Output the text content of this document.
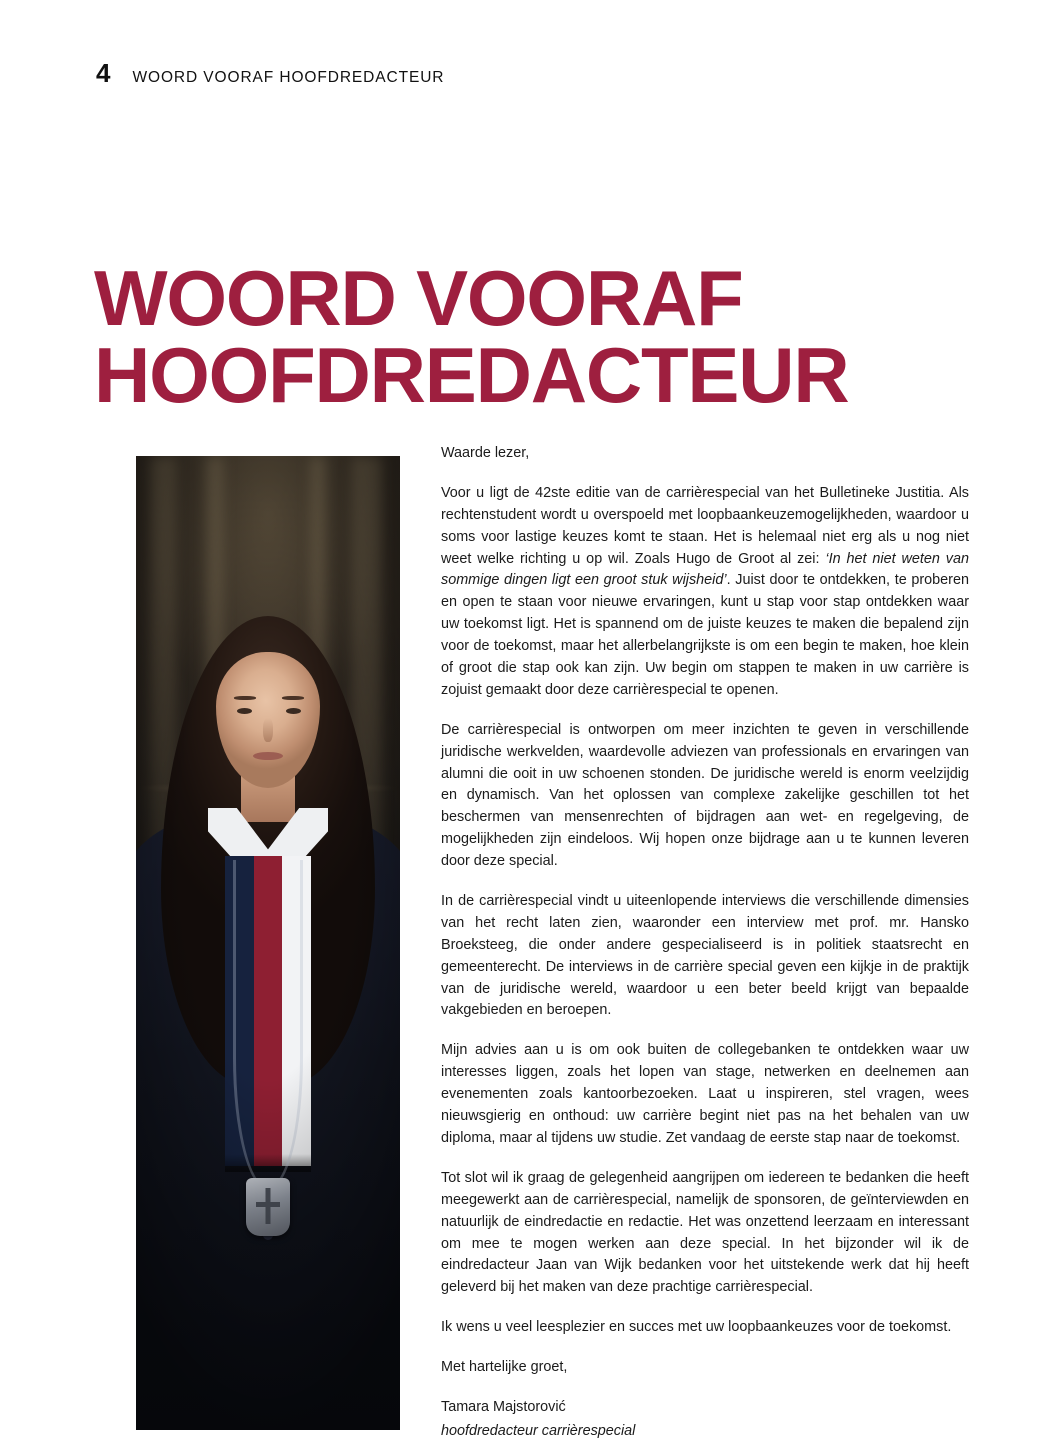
4 WOORD VOORAF HOOFDREDACTEUR
WOORD VOORAF
HOOFDREDACTEUR

Waarde lezer,

Voor u ligt de 42ste editie van de carrièrespecial van het Bulletineke Justitia. Als rechtenstudent wordt u overspoeld met loopbaankeuzemogelijkheden, waardoor u soms voor lastige keuzes komt te staan. Het is helemaal niet erg als u nog niet weet welke richting u op wil. Zoals Hugo de Groot al zei: ‘In het niet weten van sommige dingen ligt een groot stuk wijsheid’. Juist door te ontdekken, te proberen en open te staan voor nieuwe ervaringen, kunt u stap voor stap ontdekken waar uw toekomst ligt. Het is spannend om de juiste keuzes te maken die bepalend zijn voor de toekomst, maar het allerbelangrijkste is om een begin te maken, hoe klein of groot die stap ook kan zijn. Uw begin om stappen te maken in uw carrière is zojuist gemaakt door deze carrièrespecial te openen.

De carrièrespecial is ontworpen om meer inzichten te geven in verschillende juridische werkvelden, waardevolle adviezen van professionals en ervaringen van alumni die ooit in uw schoenen stonden. De juridische wereld is enorm veelzijdig en dynamisch. Van het oplossen van complexe zakelijke geschillen tot het beschermen van mensenrechten of bijdragen aan wet- en regelgeving, de mogelijkheden zijn eindeloos. Wij hopen onze bijdrage aan u te kunnen leveren door deze special.

In de carrièrespecial vindt u uiteenlopende interviews die verschillende dimensies van het recht laten zien, waaronder een interview met prof. mr. Hansko Broeksteeg, die onder andere gespecialiseerd is in politiek staatsrecht en gemeenterecht. De interviews in de carrière special geven een kijkje in de praktijk van de juridische wereld, waardoor u een beter beeld krijgt van bepaalde vakgebieden en beroepen.

Mijn advies aan u is om ook buiten de collegebanken te ontdekken waar uw interesses liggen, zoals het lopen van stage, netwerken en deelnemen aan evenementen zoals kantoorbezoeken. Laat u inspireren, stel vragen, wees nieuwsgierig en onthoud: uw carrière begint niet pas na het behalen van uw diploma, maar al tijdens uw studie. Zet vandaag de eerste stap naar de toekomst.

Tot slot wil ik graag de gelegenheid aangrijpen om iedereen te bedanken die heeft meegewerkt aan de carrièrespecial, namelijk de sponsoren, de geïnterviewden en natuurlijk de eindredactie en redactie. Het was onzettend leerzaam en interessant om mee te mogen werken aan deze special. In het bijzonder wil ik de eindredacteur Jaan van Wijk bedanken voor het uitstekende werk dat hij heeft geleverd bij het maken van deze prachtige carrièrespecial.

Ik wens u veel leesplezier en succes met uw loopbaankeuzes voor de toekomst.

Met hartelijke groet,

Tamara Majstorović

hoofdredacteur carrièrespecial
